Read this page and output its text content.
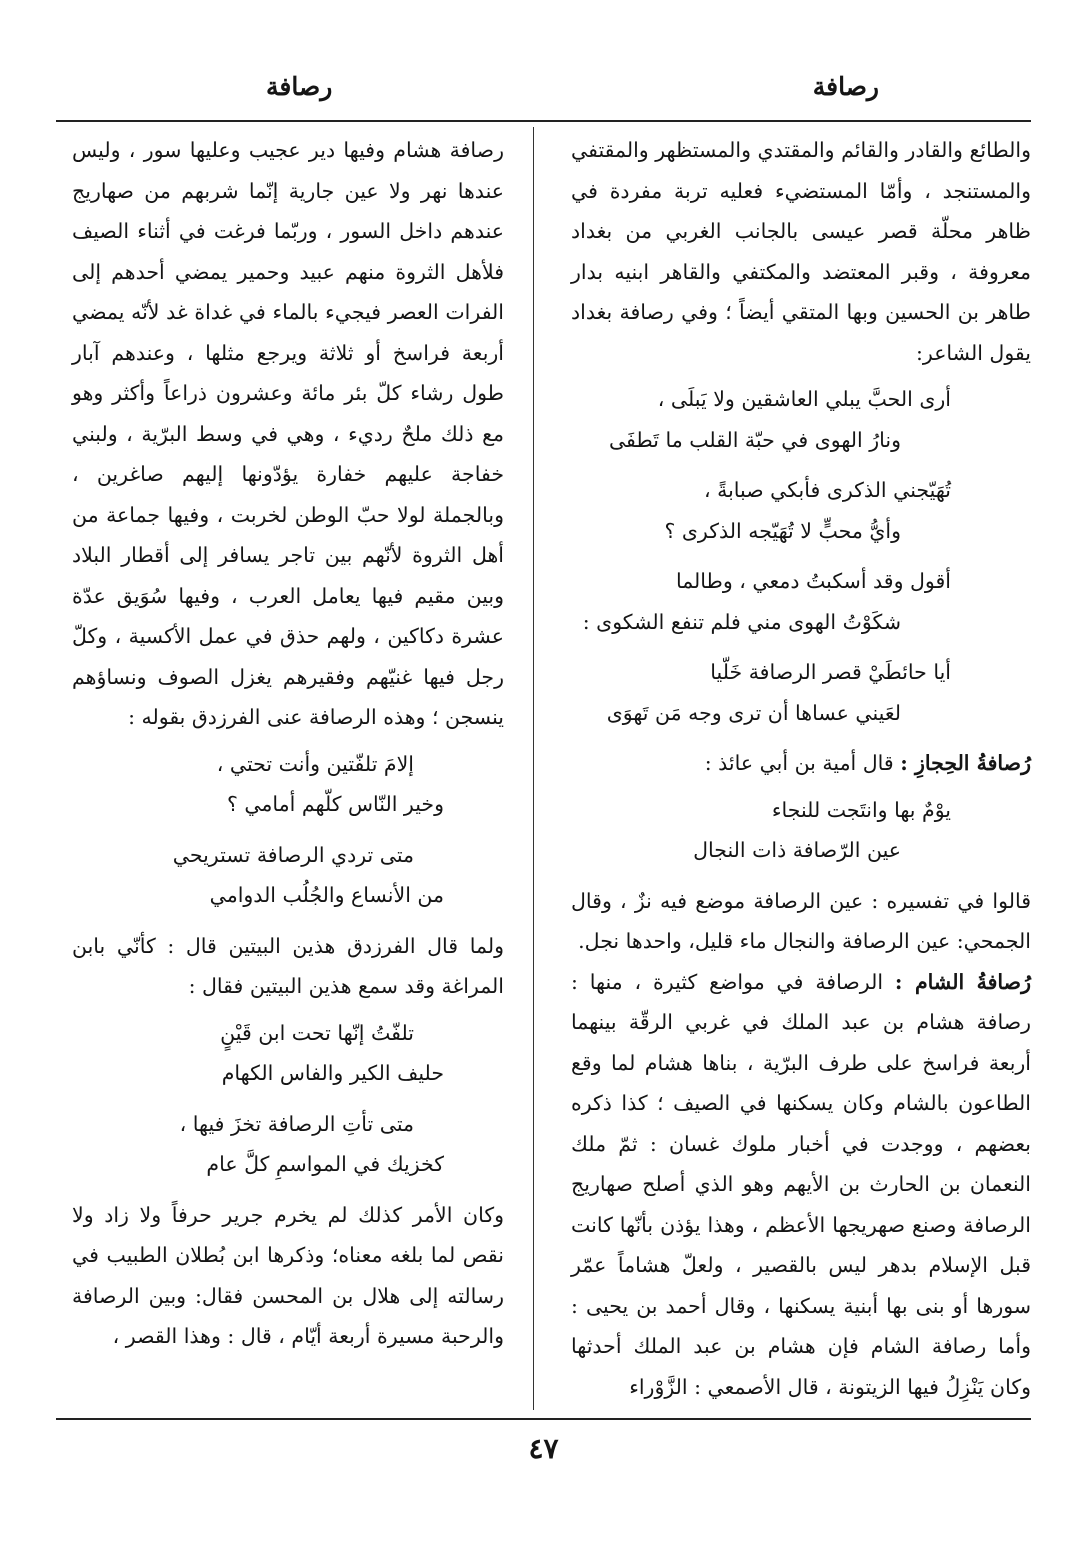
رصافة
رصافة

والطائع والقادر والقائم والمقتدي والمستظهر والمقتفي والمستنجد ، وأمّا المستضيء فعليه تربة مفردة في ظاهر محلّة قصر عيسى بالجانب الغربي من بغداد معروفة ، وقبر المعتضد والمكتفي والقاهر ابنيه بدار طاهر بن الحسين وبها المتقي أيضاً ؛ وفي رصافة بغداد يقول الشاعر:

أرى الحبَّ يبلي العاشقين ولا يَبلَى ،
ونارُ الهوى في حبّة القلب ما تَطفَى
تُهَيّجني الذكرى فأبكي صبابةً ،
وأيُّ محبٍّ لا تُهَيّجه الذكرى ؟
أقول وقد أسكبتُ دمعي ، وطالما
شكَوْتُ الهوى مني فلم تنفع الشكوى :
أيا حائطَيْ قصر الرصافة خَلّيا
لعَيني عساها أن ترى وجه مَن تَهوَى

رُصافةُ الحِجازِ : قال أمية بن أبي عائذ :

يوْمٌ بها وانتَجت للنجاء
عين الرّصافة ذات النجال

قالوا في تفسيره : عين الرصافة موضع فيه نزٌ ، وقال الجمحي: عين الرصافة والنجال ماء قليل، واحدها نجل.

رُصافةُ الشام : الرصافة في مواضع كثيرة ، منها : رصافة هشام بن عبد الملك في غربي الرقّة بينهما أربعة فراسخ على طرف البرّية ، بناها هشام لما وقع الطاعون بالشام وكان يسكنها في الصيف ؛ كذا ذكره بعضهم ، ووجدت في أخبار ملوك غسان : ثمّ ملك النعمان بن الحارث بن الأيهم وهو الذي أصلح صهاريج الرصافة وصنع صهريجها الأعظم ، وهذا يؤذن بأنّها كانت قبل الإسلام بدهر ليس بالقصير ، ولعلّ هشاماً عمّر سورها أو بنى بها أبنية يسكنها ، وقال أحمد بن يحيى : وأما رصافة الشام فإن هشام بن عبد الملك أحدثها وكان يَنْزِلُ فيها الزيتونة ، قال الأصمعي : الزَّوْراء

رصافة هشام وفيها دير عجيب وعليها سور ، وليس عندها نهر ولا عين جارية إنّما شربهم من صهاريج عندهم داخل السور ، وربّما فرغت في أثناء الصيف فلأهل الثروة منهم عبيد وحمير يمضي أحدهم إلى الفرات العصر فيجيء بالماء في غداة غد لأنّه يمضي أربعة فراسخ أو ثلاثة ويرجع مثلها ، وعندهم آبار طول رشاء كلّ بئر مائة وعشرون ذراعاً وأكثر وهو مع ذلك ملحٌ رديء ، وهي في وسط البرّية ، ولبني خفاجة عليهم خفارة يؤدّونها إليهم صاغرين ، وبالجملة لولا حبّ الوطن لخربت ، وفيها جماعة من أهل الثروة لأنّهم بين تاجر يسافر إلى أقطار البلاد وبين مقيم فيها يعامل العرب ، وفيها سُوَيق عدّة عشرة دكاكين ، ولهم حذق في عمل الأكسية ، وكلّ رجل فيها غنيّهم وفقيرهم يغزل الصوف ونساؤهم ينسجن ؛ وهذه الرصافة عنى الفرزدق بقوله :

إلامَ تلفّتين وأنت تحتي ،
وخير النّاس كلّهم أمامي ؟
متى تردي الرصافة تستريحي
من الأنساع والجُلُب الدوامي

ولما قال الفرزدق هذين البيتين قال : كأنّي بابن المراغة وقد سمع هذين البيتين فقال :

تلفّتُ إنّها تحت ابن قَيْنٍ
حليف الكير والفاس الكهام
متى تأتِ الرصافة تخزَ فيها ،
كخزيك في المواسمِ كلَّ عام

وكان الأمر كذلك لم يخرم جرير حرفاً ولا زاد ولا نقص لما بلغه معناه؛ وذكرها ابن بُطلان الطبيب في رسالته إلى هلال بن المحسن فقال: وبين الرصافة والرحبة مسيرة أربعة أيّام ، قال : وهذا القصر ،

٤٧
